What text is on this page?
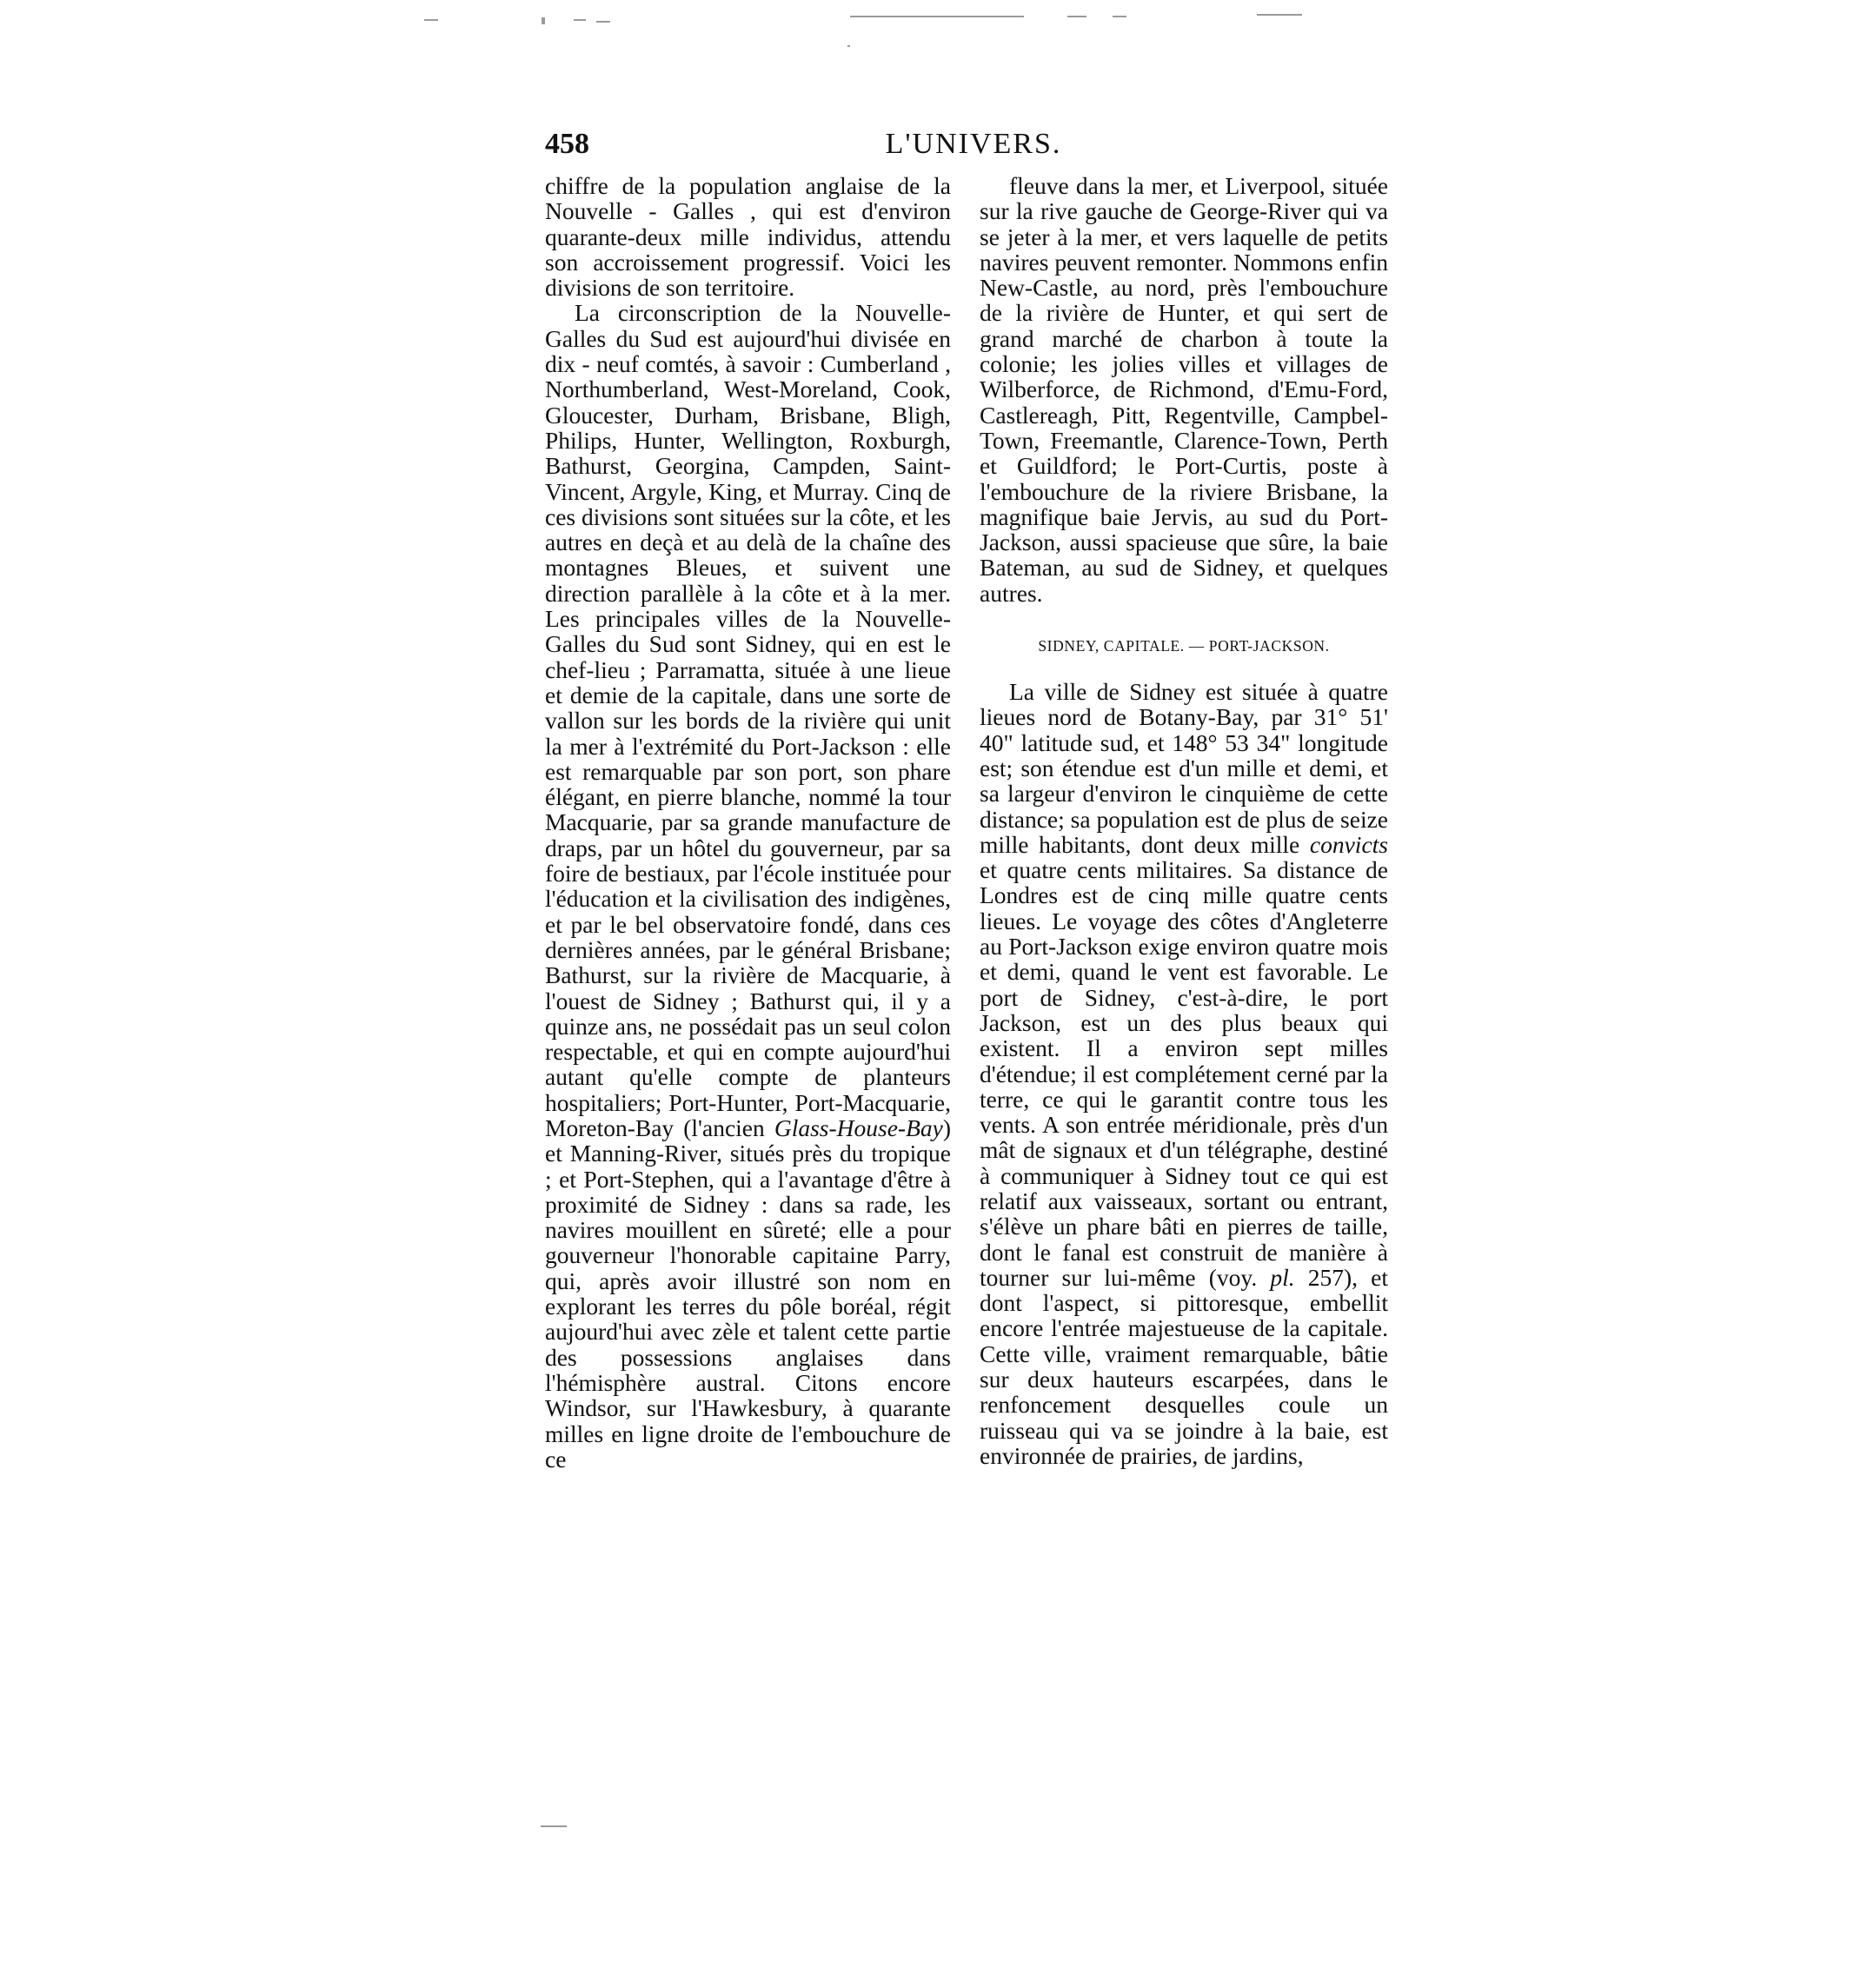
458	L'UNIVERS.

chiffre de la population anglaise de la Nouvelle - Galles , qui est d'environ quarante-deux mille individus, attendu son accroissement progressif. Voici les divisions de son territoire.

La circonscription de la Nouvelle-Galles du Sud est aujourd'hui divisée en dix - neuf comtés, à savoir : Cumberland , Northumberland, West-Moreland, Cook, Gloucester, Durham, Brisbane, Bligh, Philips, Hunter, Wellington, Roxburgh, Bathurst, Georgina, Campden, Saint-Vincent, Argyle, King, et Murray. Cinq de ces divisions sont situées sur la côte, et les autres en deçà et au delà de la chaîne des montagnes Bleues, et suivent une direction parallèle à la côte et à la mer. Les principales villes de la Nouvelle-Galles du Sud sont Sidney, qui en est le chef-lieu ; Parramatta, située à une lieue et demie de la capitale, dans une sorte de vallon sur les bords de la rivière qui unit la mer à l'extrémité du Port-Jackson : elle est remarquable par son port, son phare élégant, en pierre blanche, nommé la tour Macquarie, par sa grande manufacture de draps, par un hôtel du gouverneur, par sa foire de bestiaux, par l'école instituée pour l'éducation et la civilisation des indigènes, et par le bel observatoire fondé, dans ces dernières années, par le général Brisbane; Bathurst, sur la rivière de Macquarie, à l'ouest de Sidney ; Bathurst qui, il y a quinze ans, ne possédait pas un seul colon respectable, et qui en compte aujourd'hui autant qu'elle compte de planteurs hospitaliers; Port-Hunter, Port-Macquarie, Moreton-Bay (l'ancien Glass-House-Bay) et Manning-River, situés près du tropique ; et Port-Stephen, qui a l'avantage d'être à proximité de Sidney : dans sa rade, les navires mouillent en sûreté; elle a pour gouverneur l'honorable capitaine Parry, qui, après avoir illustré son nom en explorant les terres du pôle boréal, régit aujourd'hui avec zèle et talent cette partie des possessions anglaises dans l'hémisphère austral. Citons encore Windsor, sur l'Hawkesbury, à quarante milles en ligne droite de l'embouchure de ce

fleuve dans la mer, et Liverpool, située sur la rive gauche de George-River qui va se jeter à la mer, et vers laquelle de petits navires peuvent remonter. Nommons enfin New-Castle, au nord, près l'embouchure de la rivière de Hunter, et qui sert de grand marché de charbon à toute la colonie; les jolies villes et villages de Wilberforce, de Richmond, d'Emu-Ford, Castlereagh, Pitt, Regentville, Campbel-Town, Freemantle, Clarence-Town, Perth et Guildford; le Port-Curtis, poste à l'embouchure de la riviere Brisbane, la magnifique baie Jervis, au sud du Port-Jackson, aussi spacieuse que sûre, la baie Bateman, au sud de Sidney, et quelques autres.

SIDNEY, CAPITALE. — PORT-JACKSON.

La ville de Sidney est située à quatre lieues nord de Botany-Bay, par 31° 51' 40" latitude sud, et 148° 53 34" longitude est; son étendue est d'un mille et demi, et sa largeur d'environ le cinquième de cette distance; sa population est de plus de seize mille habitants, dont deux mille convicts et quatre cents militaires. Sa distance de Londres est de cinq mille quatre cents lieues. Le voyage des côtes d'Angleterre au Port-Jackson exige environ quatre mois et demi, quand le vent est favorable. Le port de Sidney, c'est-à-dire, le port Jackson, est un des plus beaux qui existent. Il a environ sept milles d'étendue; il est complétement cerné par la terre, ce qui le garantit contre tous les vents. A son entrée méridionale, près d'un mât de signaux et d'un télégraphe, destiné à communiquer à Sidney tout ce qui est relatif aux vaisseaux, sortant ou entrant, s'élève un phare bâti en pierres de taille, dont le fanal est construit de manière à tourner sur lui-même (voy. pl. 257), et dont l'aspect, si pittoresque, embellit encore l'entrée majestueuse de la capitale. Cette ville, vraiment remarquable, bâtie sur deux hauteurs escarpées, dans le renfoncement desquelles coule un ruisseau qui va se joindre à la baie, est environnée de prairies, de jardins,
